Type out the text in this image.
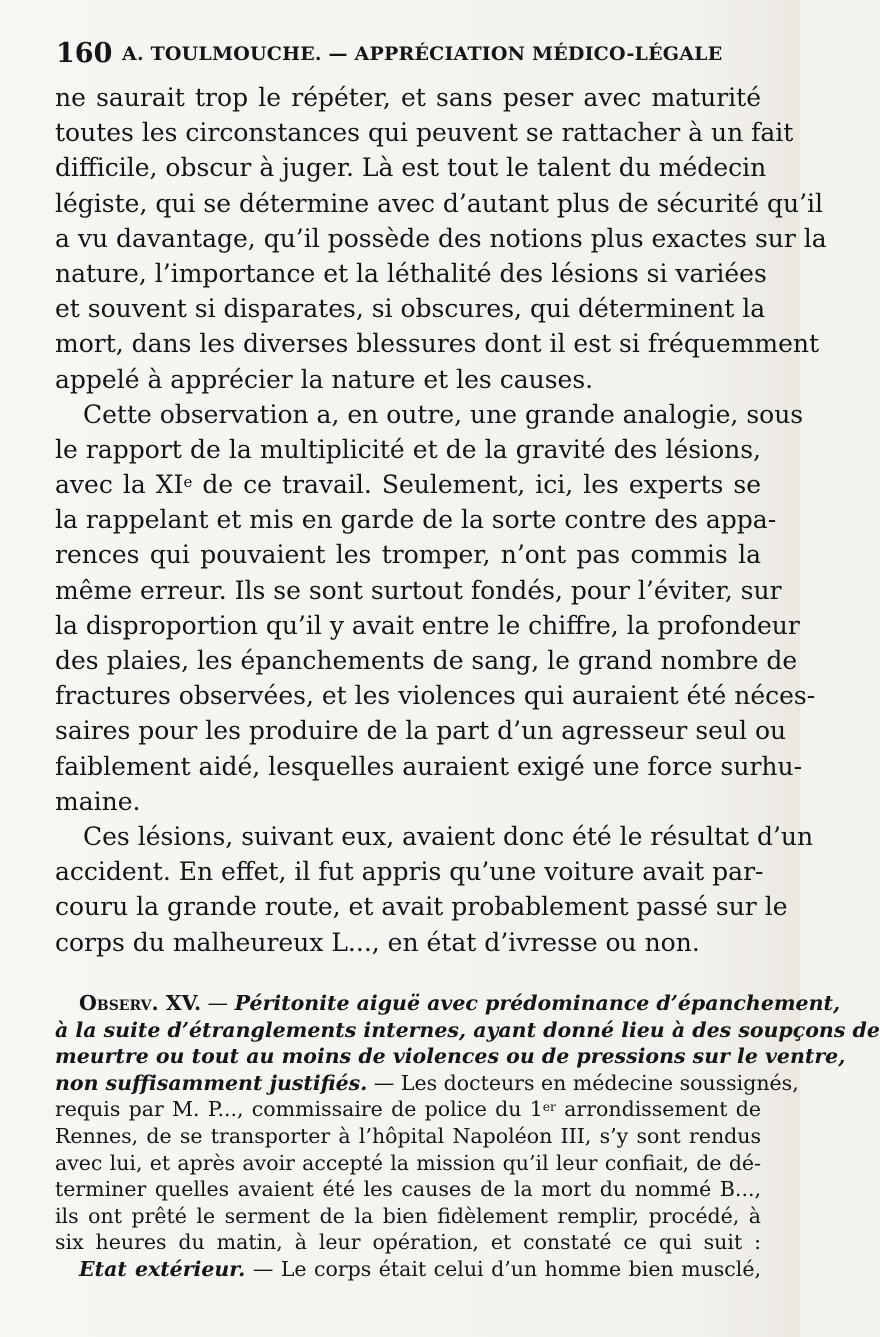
160 A. TOULMOUCHE. — APPRÉCIATION MÉDICO-LÉGALE
ne saurait trop le répéter, et sans peser avec maturité
toutes les circonstances qui peuvent se rattacher à un fait
difficile, obscur à juger. Là est tout le talent du médecin
légiste, qui se détermine avec d’autant plus de sécurité qu’il
a vu davantage, qu’il possède des notions plus exactes sur la
nature, l’importance et la léthalité des lésions si variées
et souvent si disparates, si obscures, qui déterminent la
mort, dans les diverses blessures dont il est si fréquemment
appelé à apprécier la nature et les causes.
Cette observation a, en outre, une grande analogie, sous
le rapport de la multiplicité et de la gravité des lésions,
avec la XIe de ce travail. Seulement, ici, les experts se
la rappelant et mis en garde de la sorte contre des appa-
rences qui pouvaient les tromper, n’ont pas commis la
même erreur. Ils se sont surtout fondés, pour l’éviter, sur
la disproportion qu’il y avait entre le chiffre, la profondeur
des plaies, les épanchements de sang, le grand nombre de
fractures observées, et les violences qui auraient été néces-
saires pour les produire de la part d’un agresseur seul ou
faiblement aidé, lesquelles auraient exigé une force surhu-
maine.
Ces lésions, suivant eux, avaient donc été le résultat d’un
accident. En effet, il fut appris qu’une voiture avait par-
couru la grande route, et avait probablement passé sur le
corps du malheureux L..., en état d’ivresse ou non.
Observ. XV. — Péritonite aiguë avec prédominance d’épanchement,
à la suite d’étranglements internes, ayant donné lieu à des soupçons de
meurtre ou tout au moins de violences ou de pressions sur le ventre,
non suffisamment justifiés. — Les docteurs en médecine soussignés,
requis par M. P..., commissaire de police du 1er arrondissement de
Rennes, de se transporter à l’hôpital Napoléon III, s’y sont rendus
avec lui, et après avoir accepté la mission qu’il leur confiait, de dé-
terminer quelles avaient été les causes de la mort du nommé B...,
ils ont prêté le serment de la bien fidèlement remplir, procédé, à
six heures du matin, à leur opération, et constaté ce qui suit :
Etat extérieur. — Le corps était celui d’un homme bien musclé,
